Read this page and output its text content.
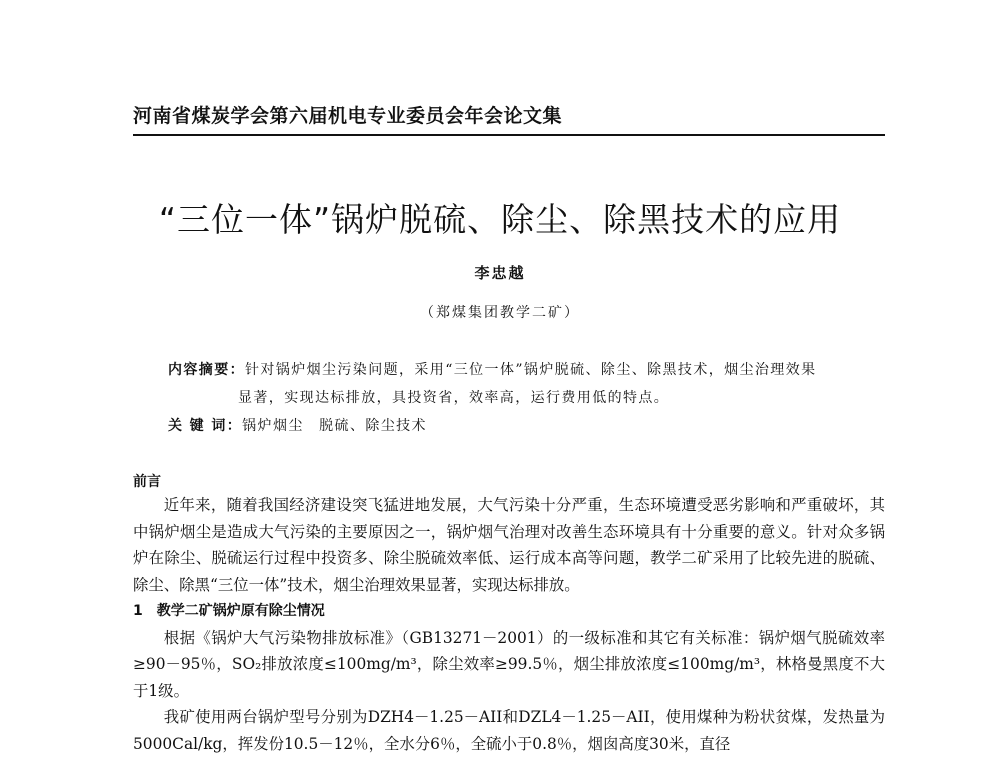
河南省煤炭学会第六届机电专业委员会年会论文集
“三位一体”锅炉脱硫、除尘、除黑技术的应用
李忠越
（郑煤集团教学二矿）
内容摘要：针对锅炉烟尘污染问题，采用“三位一体”锅炉脱硫、除尘、除黑技术，烟尘治理效果
显著，实现达标排放，具投资省，效率高，运行费用低的特点。
关 键 词：锅炉烟尘　脱硫、除尘技术
前言

近年来，随着我国经济建设突飞猛进地发展，大气污染十分严重，生态环境遭受恶劣影响和严重破坏，其中锅炉烟尘是造成大气污染的主要原因之一，锅炉烟气治理对改善生态环境具有十分重要的意义。针对众多锅炉在除尘、脱硫运行过程中投资多、除尘脱硫效率低、运行成本高等问题，教学二矿采用了比较先进的脱硫、除尘、除黑“三位一体”技术，烟尘治理效果显著，实现达标排放。

1　教学二矿锅炉原有除尘情况

根据《锅炉大气污染物排放标准》（GB13271－2001）的一级标准和其它有关标准：锅炉烟气脱硫效率≥90－95％，SO₂排放浓度≤100mg/m³，除尘效率≥99.5％，烟尘排放浓度≤100mg/m³，林格曼黑度不大于1级。

我矿使用两台锅炉型号分别为DZH4－1.25－AII和DZL4－1.25－AII，使用煤种为粉状贫煤，发热量为5000Cal/kg，挥发份10.5－12％，全水分6％，全硫小于0.8％，烟囱高度30米，直径
